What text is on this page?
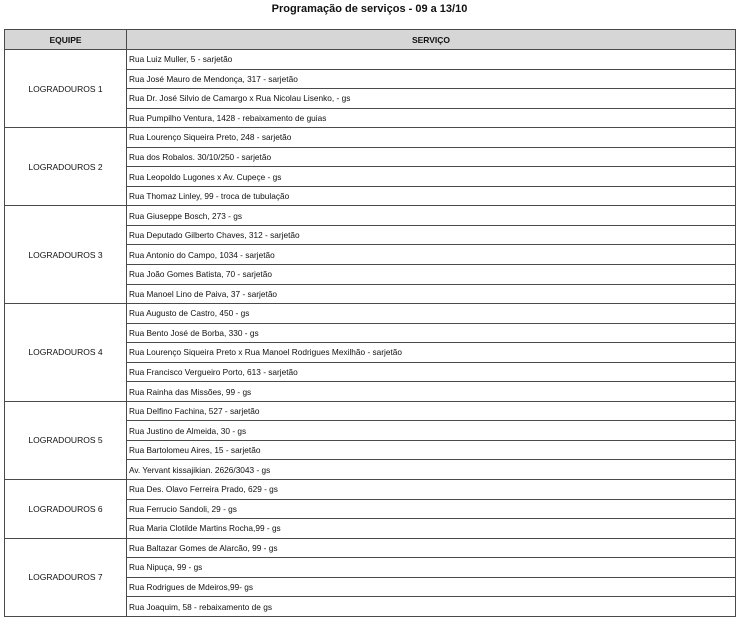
Programação de serviços - 09 a 13/10
EQUIPE	SERVIÇO
LOGRADOUROS 1	Rua Luiz Muller, 5 - sarjetão
	Rua José Mauro de Mendonça, 317 - sarjetão
	Rua Dr. José Silvio de Camargo x Rua Nicolau Lisenko, - gs
	Rua Pumpilho Ventura, 1428 - rebaixamento de guias
LOGRADOUROS 2	Rua Lourenço Siqueira Preto, 248 - sarjetão
	Rua dos Robalos. 30/10/250 - sarjetão
	Rua Leopoldo Lugones x Av. Cupeçe - gs
	Rua Thomaz Linley, 99 - troca de tubulação
LOGRADOUROS 3	Rua Giuseppe Bosch, 273 - gs
	Rua Deputado Gilberto Chaves, 312 - sarjetão
	Rua Antonio do Campo, 1034 - sarjetão
	Rua João Gomes Batista, 70 - sarjetão
	Rua Manoel Lino de Paiva, 37 - sarjetão
LOGRADOUROS 4	Rua Augusto de Castro, 450 - gs
	Rua Bento José de Borba, 330 - gs
	Rua Lourenço Siqueira Preto x Rua Manoel Rodrigues Mexilhão - sarjetão
	Rua Francisco Vergueiro Porto, 613 - sarjetão
	Rua Rainha das Missões, 99 - gs
LOGRADOUROS 5	Rua Delfino Fachina, 527 - sarjetão
	Rua Justino de Almeida, 30 - gs
	Rua Bartolomeu Aires, 15 - sarjetão
	Av. Yervant kissajikian. 2626/3043 - gs
LOGRADOUROS 6	Rua Des. Olavo Ferreira Prado, 629 - gs
	Rua Ferrucio Sandoli, 29 - gs
	Rua Maria Clotilde Martins Rocha,99 - gs
LOGRADOUROS 7	Rua Baltazar Gomes de Alarcão, 99 - gs
	Rua Nipuça, 99 - gs
	Rua Rodrigues de Mdeiros,99- gs
	Rua Joaquim, 58 - rebaixamento de gs
